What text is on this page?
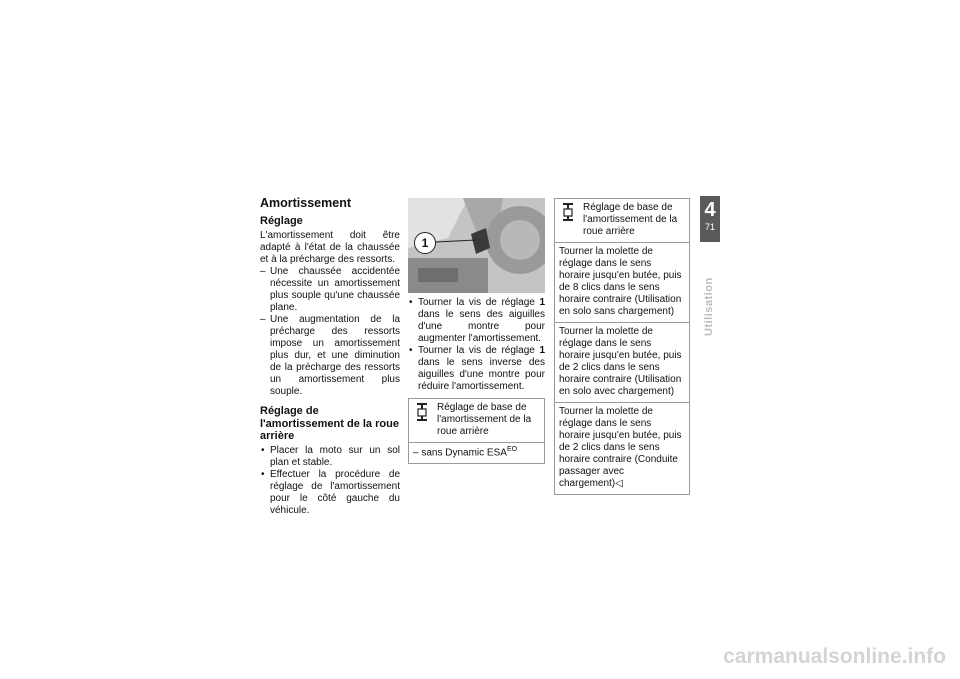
Amortissement
Réglage

L'amortissement doit être adapté à l'état de la chaussée et à la précharge des ressorts.

– Une chaussée accidentée nécessite un amortissement plus souple qu'une chaussée plane.
– Une augmentation de la précharge des ressorts impose un amortissement plus dur, et une diminution de la précharge des ressorts un amortissement plus souple.
Réglage de l'amortissement de la roue arrière
• Placer la moto sur un sol plan et stable.
• Effectuer la procédure de réglage de l'amortissement pour le côté gauche du véhicule.
1
• Tourner la vis de réglage 1 dans le sens des aiguilles d'une montre pour augmenter l'amortissement.
• Tourner la vis de réglage 1 dans le sens inverse des aiguilles d'une montre pour réduire l'amortissement.
Réglage de base de l'amortissement de la roue arrière
– sans Dynamic $ESA^{EO}$
Réglage de base de l'amortissement de la roue arrière
Tourner la molette de réglage dans le sens horaire jusqu'en butée, puis de 8 clics dans le sens horaire contraire (Utilisation en solo sans chargement)
Tourner la molette de réglage dans le sens horaire jusqu'en butée, puis de 2 clics dans le sens horaire contraire (Utilisation en solo avec chargement)
Tourner la molette de réglage dans le sens horaire jusqu'en butée, puis de 2 clics dans le sens horaire contraire (Conduite passager avec chargement)◁
4
71
Utilisation
carmanualsonline.info
